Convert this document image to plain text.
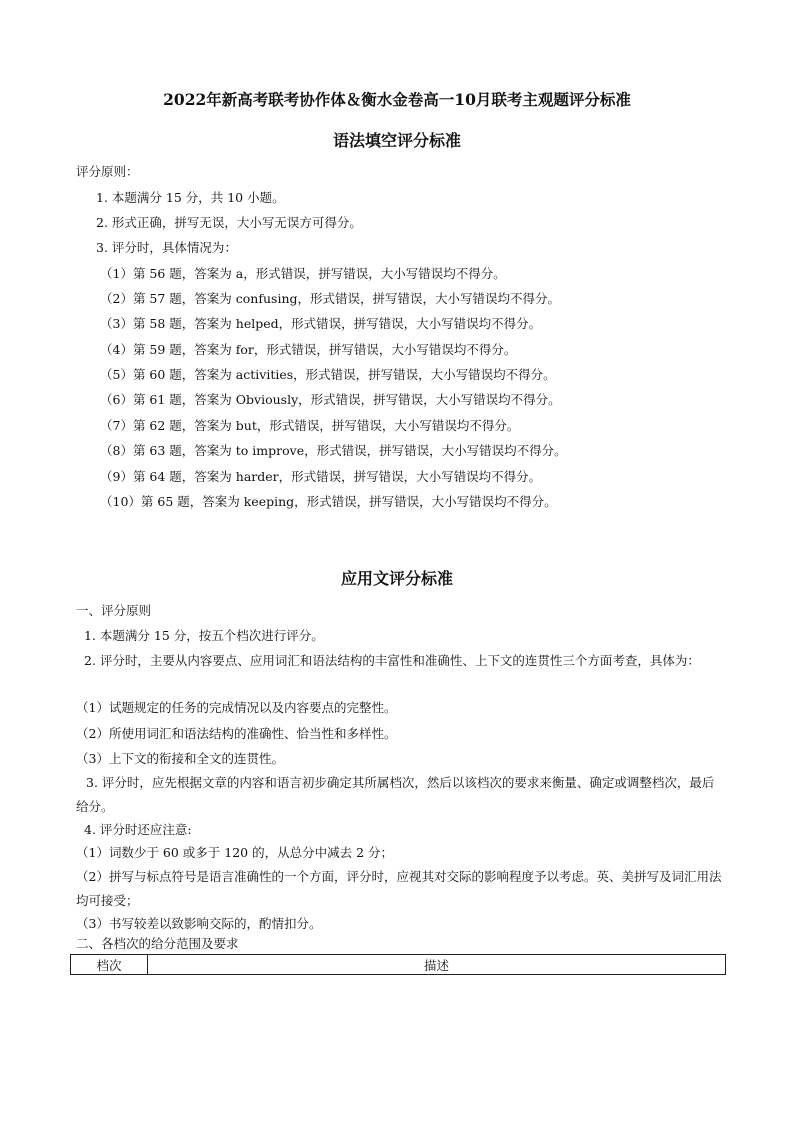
2022年新高考联考协作体＆衡水金卷高一10月联考主观题评分标准
语法填空评分标准

评分原则：

1. 本题满分 15 分，共 10 小题。

2. 形式正确，拼写无误，大小写无误方可得分。

3. 评分时，具体情况为：

（1）第 56 题，答案为 a，形式错误，拼写错误，大小写错误均不得分。

（2）第 57 题，答案为 confusing，形式错误，拼写错误，大小写错误均不得分。

（3）第 58 题，答案为 helped，形式错误，拼写错误，大小写错误均不得分。

（4）第 59 题，答案为 for，形式错误，拼写错误，大小写错误均不得分。

（5）第 60 题，答案为 activities，形式错误，拼写错误，大小写错误均不得分。

（6）第 61 题，答案为 Obviously，形式错误，拼写错误，大小写错误均不得分。

（7）第 62 题，答案为 but，形式错误，拼写错误，大小写错误均不得分。

（8）第 63 题，答案为 to improve，形式错误，拼写错误，大小写错误均不得分。

（9）第 64 题，答案为 harder，形式错误，拼写错误，大小写错误均不得分。

（10）第 65 题，答案为 keeping，形式错误，拼写错误，大小写错误均不得分。

应用文评分标准

一、评分原则

1. 本题满分 15 分，按五个档次进行评分。

2. 评分时，主要从内容要点、应用词汇和语法结构的丰富性和准确性、上下文的连贯性三个方面考查，具体为：

（1）试题规定的任务的完成情况以及内容要点的完整性。

（2）所使用词汇和语法结构的准确性、恰当性和多样性。

（3）上下文的衔接和全文的连贯性。

3. 评分时，应先根据文章的内容和语言初步确定其所属档次，然后以该档次的要求来衡量、确定或调整档次，最后给分。

4. 评分时还应注意:

（1）词数少于 60 或多于 120 的，从总分中减去 2 分；

（2）拼写与标点符号是语言准确性的一个方面，评分时，应视其对交际的影响程度予以考虑。英、美拼写及词汇用法均可接受；

（3）书写较差以致影响交际的，酌情扣分。

二、各档次的给分范围及要求

档次	描述
